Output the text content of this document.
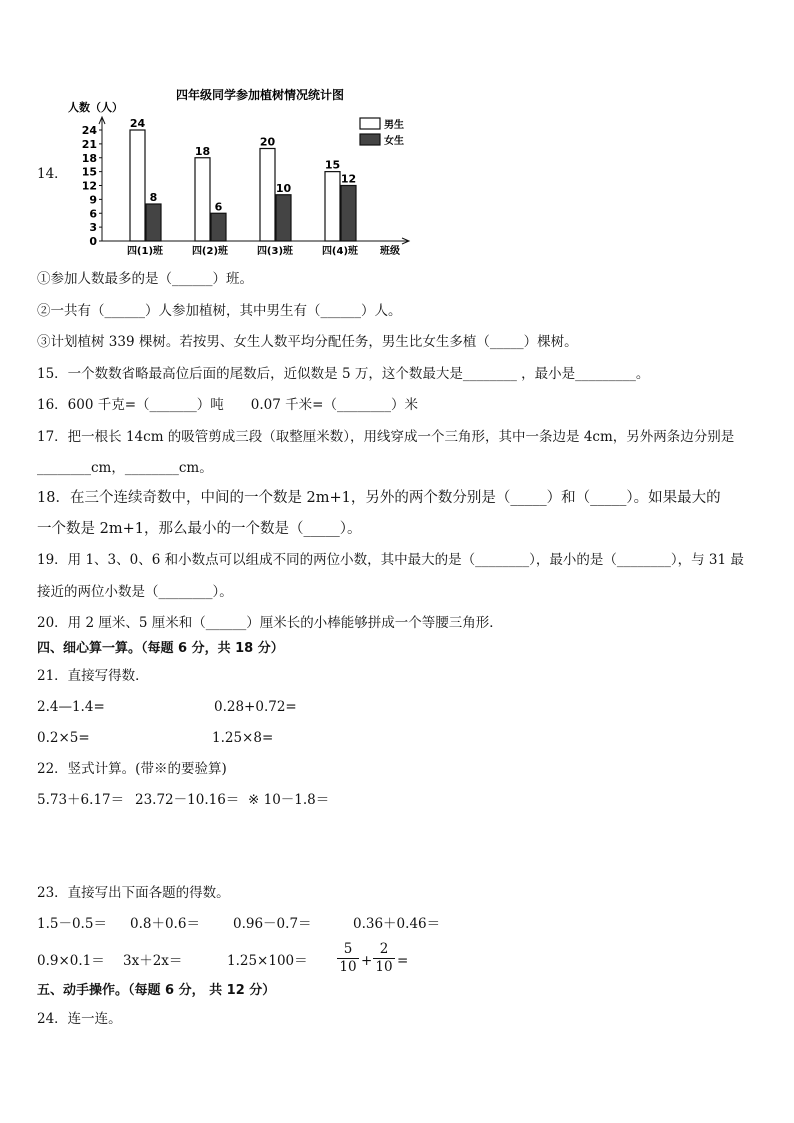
14．
四年级同学参加植树情况统计图
人数（人）
24
21
18
15
12
9
6
3
0
四(1)班	四(2)班	四(3)班	四(4)班 班级
24
8
18
6
20
10
15
12
男生
女生
①参加人数最多的是（______）班。
②一共有（______）人参加植树，其中男生有（______）人。
③计划植树 339 棵树。若按男、女生人数平均分配任务，男生比女生多植（_____）棵树。
15．一个数数省略最高位后面的尾数后，近似数是 5 万，这个数最大是________ ，最小是_________。
16．600 千克=（_______）吨　　0.07 千米=（________）米
17．把一根长 14cm 的吸管剪成三段（取整厘米数），用线穿成一个三角形，其中一条边是 4cm，另外两条边分别是
________cm，________cm。
18．在三个连续奇数中，中间的一个数是 2m+1，另外的两个数分别是（_____）和（_____）。如果最大的
一个数是 2m+1，那么最小的一个数是（_____）。
19．用 1、3、0、6 和小数点可以组成不同的两位小数，其中最大的是（________），最小的是（________），与 31 最
接近的两位小数是（________）。
20．用 2 厘米、5 厘米和（______）厘米长的小棒能够拼成一个等腰三角形．
四、细心算一算。（每题 6 分，共 18 分）
21．直接写得数．
2.4—1.4=	0.28+0.72=
0.2×5=	1.25×8=
22．竖式计算。(带※的要验算)
5.73＋6.17＝ 23.72－10.16＝ ※ 10－1.8＝
23．直接写出下面各题的得数。
1.5－0.5＝ 0.8＋0.6＝ 0.96－0.7＝	0.36＋0.46＝
0.9×0.1＝ 3x＋2x＝	$1.25\times 100= \frac{5}{10} + \frac{2}{10}$ =
五、动手操作。（每题 6 分， 共 12 分）
24．连一连。
